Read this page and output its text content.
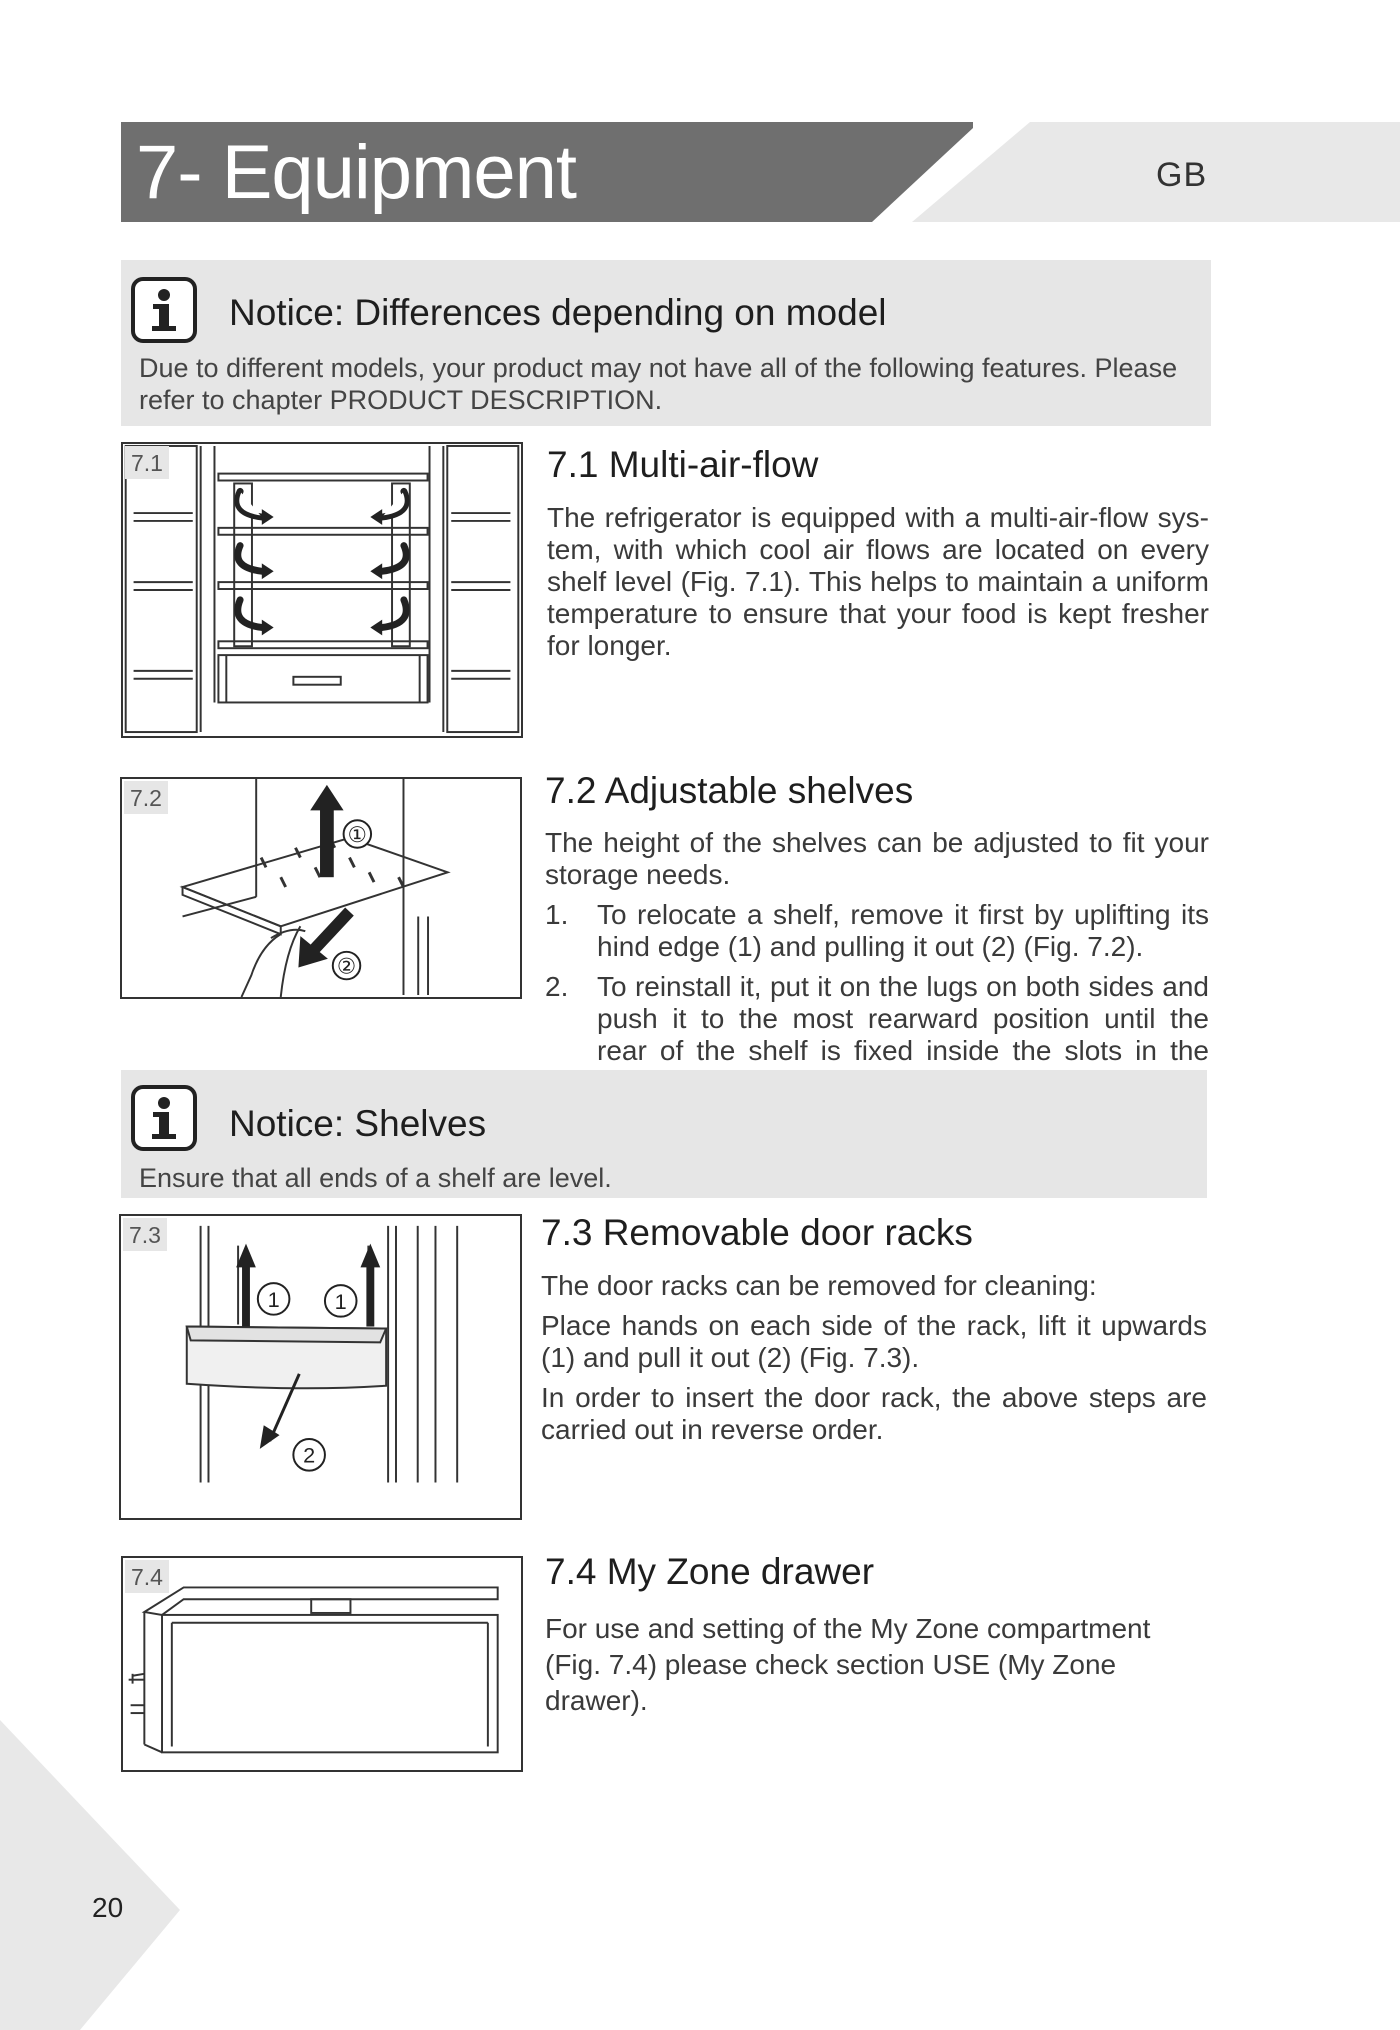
7- Equipment	GB
Notice: Differences depending on model
Due to different models, your product may not have all of the following features. Please refer to chapter PRODUCT DESCRIPTION.
7.1	7.1 Multi-air-flow

The refrigerator is equipped with a multi-air-flow sys-tem, with which cool air flows are located on every shelf level (Fig. 7.1). This helps to maintain a uniform temperature to ensure that your food is kept fresher for longer.

7.2
①
②
7.2 Adjustable shelves

The height of the shelves can be adjusted to fit your storage needs.

1. To relocate a shelf, remove it first by uplifting its hind edge (1) and pulling it out (2) (Fig. 7.2).
2. To reinstall it, put it on the lugs on both sides and push it to the most rearward position until the rear of the shelf is fixed inside the slots in the
Notice: Shelves
Ensure that all ends of a shelf are level.
7.3
1	1
2
7.3 Removable door racks

The door racks can be removed for cleaning:

Place hands on each side of the rack, lift it upwards (1) and pull it out (2) (Fig. 7.3).

In order to insert the door rack, the above steps are carried out in reverse order.

7.4	7.4 My Zone drawer

For use and setting of the My Zone compartment (Fig. 7.4) please check section USE (My Zone drawer).

20
